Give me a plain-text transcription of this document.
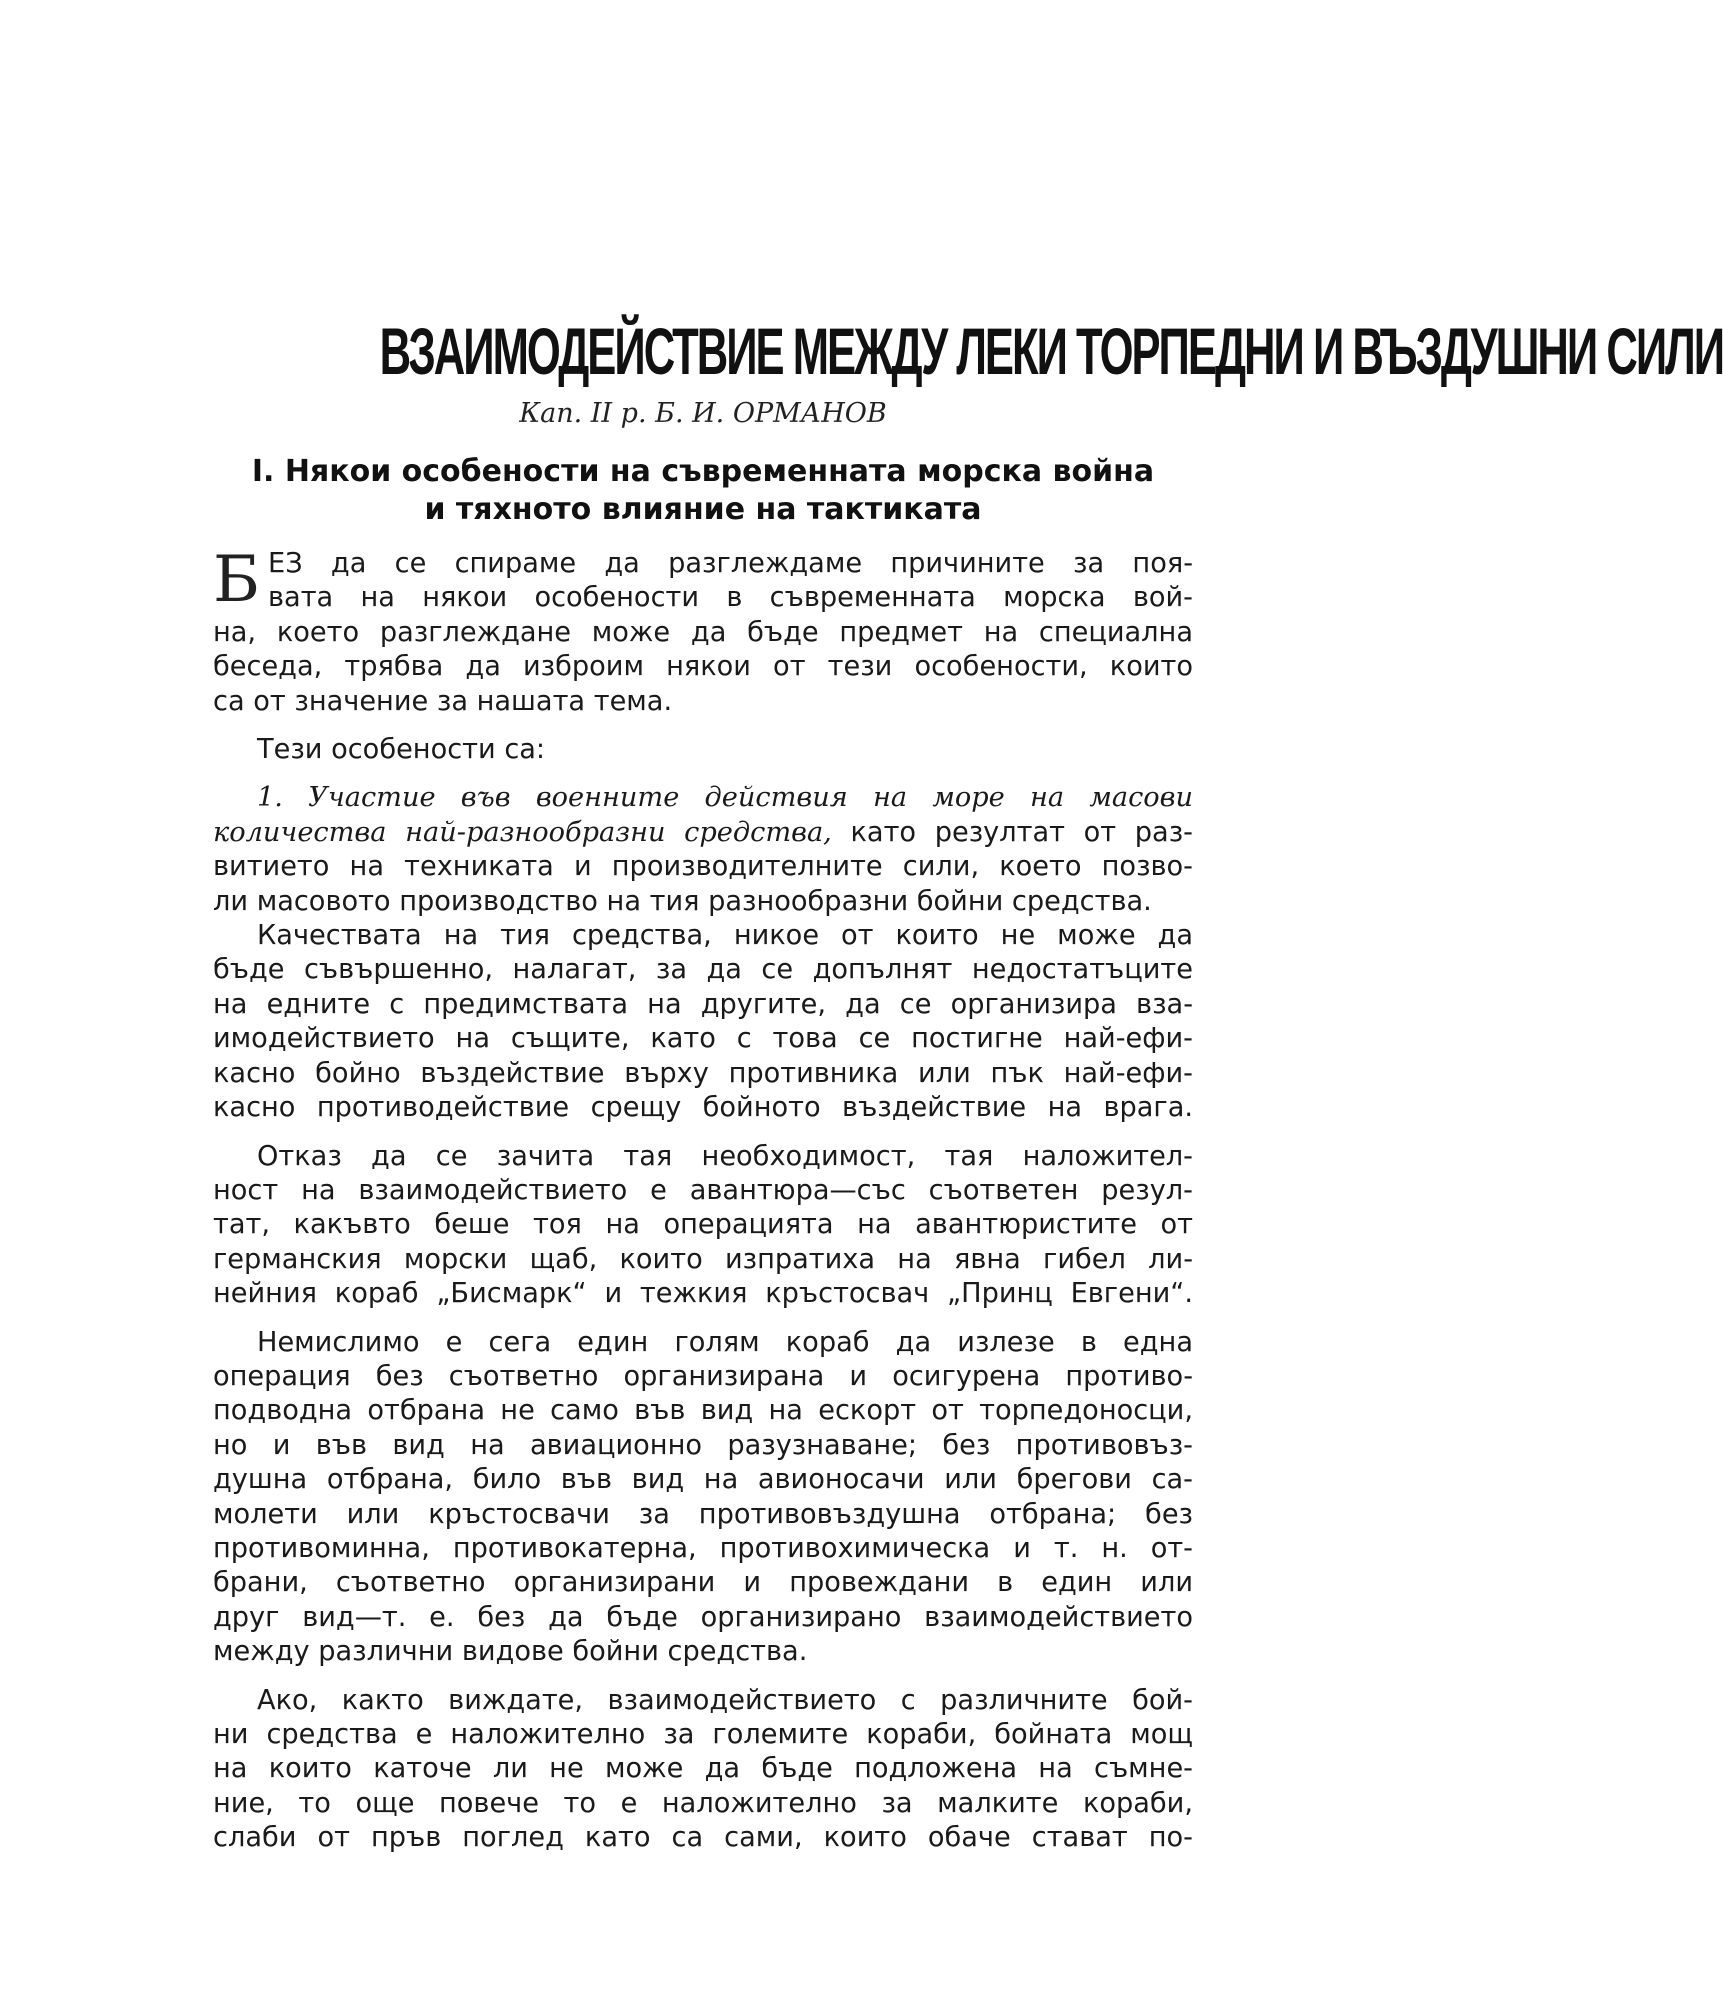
ВЗАИМОДЕЙСТВИЕ МЕЖДУ ЛЕКИ ТОРПЕДНИ И ВЪЗДУШНИ СИЛИ
Кап. II р. Б. И. ОРМАНОВ
I. Някои особености на съвременната морска война
и тяхното влияние на тактиката
Б ЕЗ да се спираме да разглеждаме причините за поя-
вата на някои особености в съвременната морска вой-
на, което разглеждане може да бъде предмет на специална
беседа, трябва да изброим някои от тези особености, които
са от значение за нашата тема.
Тези особености са:
1. Участие във военните действия на море на масови
количества най-разнообразни средства, като резултат от раз-
витието на техниката и производителните сили, което позво-
ли масовото производство на тия разнообразни бойни средства.
Качествата на тия средства, никое от които не може да
бъде съвършенно, налагат, за да се допълнят недостатъците
на едните с предимствата на другите, да се организира вза-
имодействието на същите, като с това се постигне най-ефи-
касно бойно въздействие върху противника или пък най-ефи-
касно противодействие срещу бойното въздействие на врага.
Отказ да се зачита тая необходимост, тая наложител-
ност на взаимодействието е авантюра—със съответен резул-
тат, какъвто беше тоя на операцията на авантюристите от
германския морски щаб, които изпратиха на явна гибел ли-
нейния кораб „Бисмарк“ и тежкия кръстосвач „Принц Евгени“.
Немислимо е сега един голям кораб да излезе в една
операция без съответно организирана и осигурена противо-
подводна отбрана не само във вид на ескорт от торпедоносци,
но и във вид на авиационно разузнаване; без противовъз-
душна отбрана, било във вид на авионосачи или брегови са-
молети или кръстосвачи за противовъздушна отбрана; без
противоминна, противокатерна, противохимическа и т. н. от-
брани, съответно организирани и провеждани в един или
друг вид—т. е. без да бъде организирано взаимодействието
между различни видове бойни средства.
Ако, както виждате, взаимодействието с различните бой-
ни средства е наложително за големите кораби, бойната мощ
на които каточе ли не може да бъде подложена на съмне-
ние, то още повече то е наложително за малките кораби,
слаби от пръв поглед като са сами, които обаче стават по-
